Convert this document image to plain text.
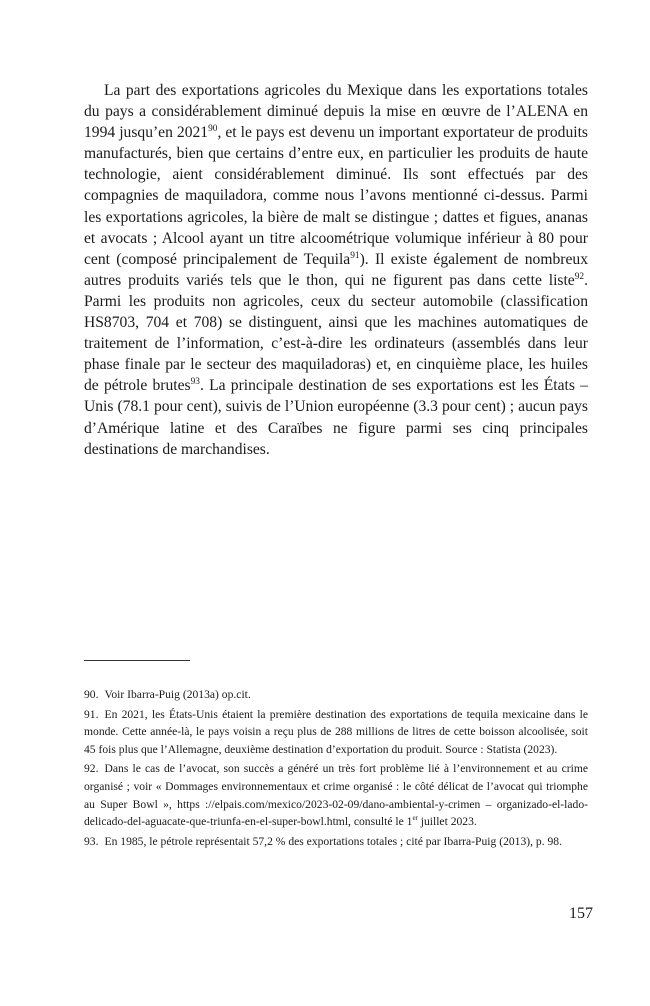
La part des exportations agricoles du Mexique dans les exportations totales du pays a considérablement diminué depuis la mise en œuvre de l’ALENA en 1994 jusqu’en 2021$^{90}$, et le pays est devenu un important exportateur de produits manufacturés, bien que certains d’entre eux, en particulier les produits de haute technologie, aient considérablement diminué. Ils sont effectués par des compagnies de maquiladora, comme nous l’avons mentionné ci-dessus. Parmi les exportations agricoles, la bière de malt se distingue ; dattes et figues, ananas et avocats ; Alcool ayant un titre alcoométrique volumique inférieur à 80 pour cent (composé principalement de Tequila$^{91}$). Il existe également de nombreux autres produits variés tels que le thon, qui ne figurent pas dans cette liste$^{92}$. Parmi les produits non agricoles, ceux du secteur automobile (classification HS8703, 704 et 708) se distinguent, ainsi que les machines automatiques de traitement de l’information, c’est-à-dire les ordinateurs (assemblés dans leur phase finale par le secteur des maquiladoras) et, en cinquième place, les huiles de pétrole brutes$^{93}$. La principale destination de ses exportations est les États – Unis (78.1 pour cent), suivis de l’Union européenne (3.3 pour cent) ; aucun pays d’Amérique latine et des Caraïbes ne figure parmi ses cinq principales destinations de marchandises.

90. Voir Ibarra-Puig (2013a) op.cit.

91. En 2021, les États-Unis étaient la première destination des exportations de tequila mexicaine dans le monde. Cette année-là, le pays voisin a reçu plus de 288 millions de litres de cette boisson alcoolisée, soit 45 fois plus que l’Allemagne, deuxième destination d’exportation du produit. Source : Statista (2023).

92. Dans le cas de l’avocat, son succès a généré un très fort problème lié à l’environnement et au crime organisé ; voir « Dommages environnementaux et crime organisé : le côté délicat de l’avocat qui triomphe au Super Bowl », https ://elpais.com/mexico/2023-02-09/dano-ambiental-y-crimen – organizado-el-lado-delicado-del-aguacate-que-triunfa-en-el-super-bowl.html, consulté le 1er juillet 2023.

93. En 1985, le pétrole représentait 57,2 % des exportations totales ; cité par Ibarra-Puig (2013), p. 98.

157
